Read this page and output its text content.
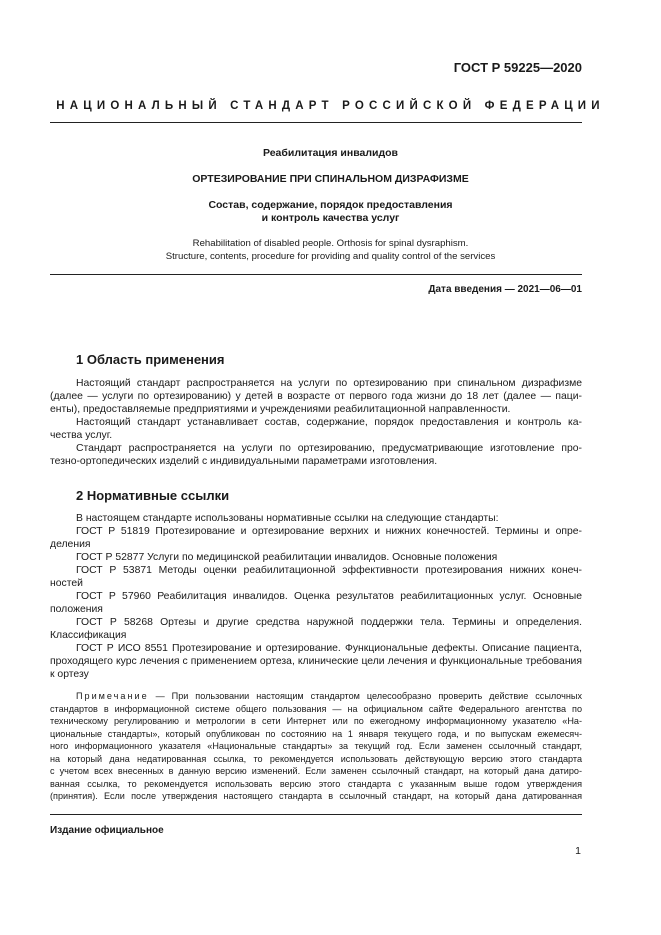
ГОСТ Р 59225—2020
НАЦИОНАЛЬНЫЙ СТАНДАРТ РОССИЙСКОЙ ФЕДЕРАЦИИ
Реабилитация инвалидов
ОРТЕЗИРОВАНИЕ ПРИ СПИНАЛЬНОМ ДИЗРАФИЗМЕ
Состав, содержание, порядок предоставления
и контроль качества услуг
Rehabilitation of disabled people. Orthosis for spinal dysraphism.
Structure, contents, procedure for providing and quality control of the services
Дата введения — 2021—06—01
1 Область применения

Настоящий стандарт распространяется на услуги по ортезированию при спинальном дизрафизме

(далее — услуги по ортезированию) у детей в возрасте от первого года жизни до 18 лет (далее — паци-

енты), предоставляемые предприятиями и учреждениями реабилитационной направленности.

Настоящий стандарт устанавливает состав, содержание, порядок предоставления и контроль ка-

чества услуг.

Стандарт распространяется на услуги по ортезированию, предусматривающие изготовление про-

тезно-ортопедических изделий с индивидуальными параметрами изготовления.

2 Нормативные ссылки

В настоящем стандарте использованы нормативные ссылки на следующие стандарты:

ГОСТ Р 51819 Протезирование и ортезирование верхних и нижних конечностей. Термины и опре-

деления

ГОСТ Р 52877 Услуги по медицинской реабилитации инвалидов. Основные положения

ГОСТ Р 53871 Методы оценки реабилитационной эффективности протезирования нижних конеч-

ностей

ГОСТ Р 57960 Реабилитация инвалидов. Оценка результатов реабилитационных услуг. Основные

положения

ГОСТ Р 58268 Ортезы и другие средства наружной поддержки тела. Термины и определения.

Классификация

ГОСТ Р ИСО 8551 Протезирование и ортезирование. Функциональные дефекты. Описание пациента, проходящего курс лечения с применением ортеза, клинические цели лечения и функциональные требования к ортезу

Примечание — При пользовании настоящим стандартом целесообразно проверить действие ссылочных

стандартов в информационной системе общего пользования — на официальном сайте Федерального агентства по

техническому регулированию и метрологии в сети Интернет или по ежегодному информационному указателю «На-

циональные стандарты», который опубликован по состоянию на 1 января текущего года, и по выпускам ежемесяч-

ного информационного указателя «Национальные стандарты» за текущий год. Если заменен ссылочный стандарт,

на который дана недатированная ссылка, то рекомендуется использовать действующую версию этого стандарта

с учетом всех внесенных в данную версию изменений. Если заменен ссылочный стандарт, на который дана датиро-

ванная ссылка, то рекомендуется использовать версию этого стандарта с указанным выше годом утверждения

(принятия). Если после утверждения настоящего стандарта в ссылочный стандарт, на который дана датированная

Издание официальное
1
